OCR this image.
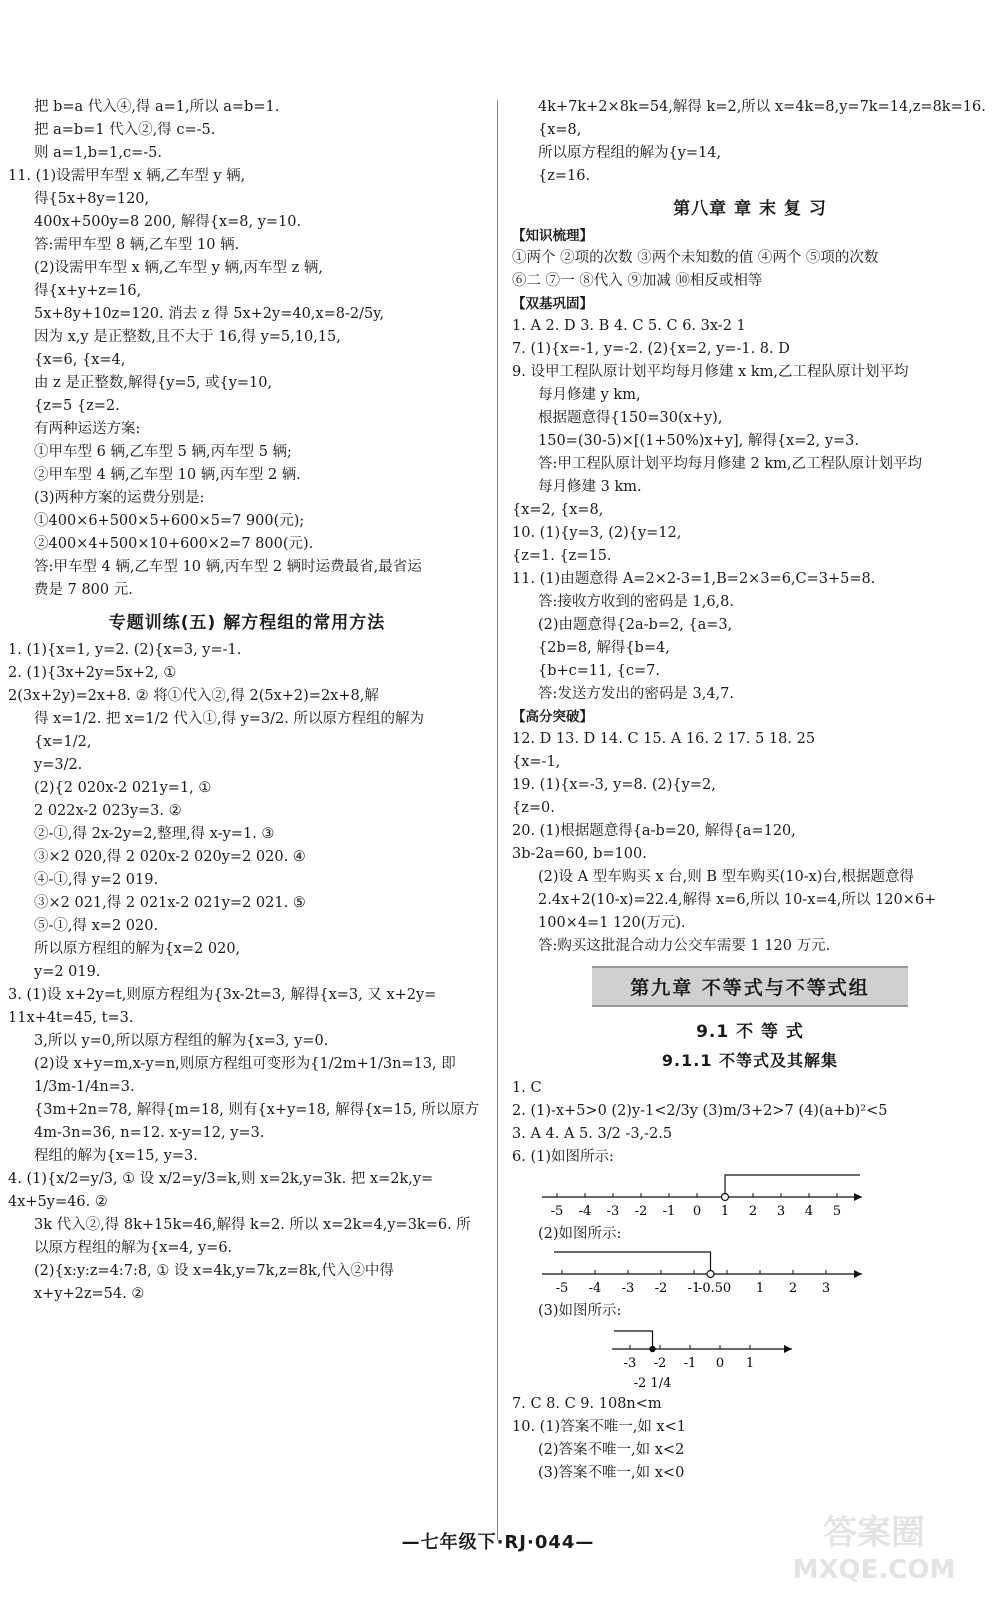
把 b=a 代入④,得 a=1,所以 a=b=1.
把 a=b=1 代入②,得 c=-5.
则 a=1,b=1,c=-5.
11. (1)设需甲车型 x 辆,乙车型 y 辆,
得{5x+8y=120,
400x+500y=8 200, 解得{x=8, y=10.
答:需甲车型 8 辆,乙车型 10 辆.
(2)设需甲车型 x 辆,乙车型 y 辆,丙车型 z 辆,
得{x+y+z=16,
5x+8y+10z=120. 消去 z 得 5x+2y=40,x=8-2/5y,
因为 x,y 是正整数,且不大于 16,得 y=5,10,15,
{x=6, {x=4,
由 z 是正整数,解得{y=5, 或{y=10,
{z=5 {z=2.
有两种运送方案:
①甲车型 6 辆,乙车型 5 辆,丙车型 5 辆;
②甲车型 4 辆,乙车型 10 辆,丙车型 2 辆.
(3)两种方案的运费分别是:
①400×6+500×5+600×5=7 900(元);
②400×4+500×10+600×2=7 800(元).
答:甲车型 4 辆,乙车型 10 辆,丙车型 2 辆时运费最省,最省运
费是 7 800 元.
专题训练(五) 解方程组的常用方法
1. (1){x=1, y=2. (2){x=3, y=-1.
2. (1){3x+2y=5x+2, ①
2(3x+2y)=2x+8. ② 将①代入②,得 2(5x+2)=2x+8,解
得 x=1/2. 把 x=1/2 代入①,得 y=3/2. 所以原方程组的解为
{x=1/2,
y=3/2.
(2){2 020x-2 021y=1, ①
2 022x-2 023y=3. ②
②-①,得 2x-2y=2,整理,得 x-y=1. ③
③×2 020,得 2 020x-2 020y=2 020. ④
④-①,得 y=2 019.
③×2 021,得 2 021x-2 021y=2 021. ⑤
⑤-①,得 x=2 020.
所以原方程组的解为{x=2 020,
y=2 019.
3. (1)设 x+2y=t,则原方程组为{3x-2t=3, 解得{x=3, 又 x+2y=
11x+4t=45, t=3.
3,所以 y=0,所以原方程组的解为{x=3, y=0.
(2)设 x+y=m,x-y=n,则原方程组可变形为{1/2m+1/3n=13, 即
1/3m-1/4n=3.
{3m+2n=78, 解得{m=18, 则有{x+y=18, 解得{x=15, 所以原方
4m-3n=36, n=12. x-y=12, y=3.
程组的解为{x=15, y=3.
4. (1){x/2=y/3, ① 设 x/2=y/3=k,则 x=2k,y=3k. 把 x=2k,y=
4x+5y=46. ②
3k 代入②,得 8k+15k=46,解得 k=2. 所以 x=2k=4,y=3k=6. 所
以原方程组的解为{x=4, y=6.
(2){x:y:z=4:7:8, ① 设 x=4k,y=7k,z=8k,代入②中得
x+y+2z=54. ②
4k+7k+2×8k=54,解得 k=2,所以 x=4k=8,y=7k=14,z=8k=16.
{x=8,
所以原方程组的解为{y=14,
{z=16.
第八章 章 末 复 习
【知识梳理】
①两个 ②项的次数 ③两个未知数的值 ④两个 ⑤项的次数
⑥二 ⑦一 ⑧代入 ⑨加减 ⑩相反或相等
【双基巩固】
1. A 2. D 3. B 4. C 5. C 6. 3x-2 1
7. (1){x=-1, y=-2. (2){x=2, y=-1. 8. D
9. 设甲工程队原计划平均每月修建 x km,乙工程队原计划平均
每月修建 y km,
根据题意得{150=30(x+y),
150=(30-5)×[(1+50%)x+y], 解得{x=2, y=3.
答:甲工程队原计划平均每月修建 2 km,乙工程队原计划平均
每月修建 3 km.
{x=2, {x=8,
10. (1){y=3, (2){y=12,
{z=1. {z=15.
11. (1)由题意得 A=2×2-3=1,B=2×3=6,C=3+5=8.
答:接收方收到的密码是 1,6,8.
(2)由题意得{2a-b=2, {a=3,
{2b=8, 解得{b=4,
{b+c=11, {c=7.
答:发送方发出的密码是 3,4,7.
【高分突破】
12. D 13. D 14. C 15. A 16. 2 17. 5 18. 25
{x=-1,
19. (1){x=-3, y=8. (2){y=2,
{z=0.
20. (1)根据题意得{a-b=20, 解得{a=120,
3b-2a=60, b=100.
(2)设 A 型车购买 x 台,则 B 型车购买(10-x)台,根据题意得
2.4x+2(10-x)=22.4,解得 x=6,所以 10-x=4,所以 120×6+
100×4=1 120(万元).
答:购买这批混合动力公交车需要 1 120 万元.
第九章 不等式与不等式组
9.1 不 等 式
9.1.1 不等式及其解集
1. C
2. (1)-x+5>0 (2)y-1<2/3y (3)m/3+2>7 (4)(a+b)²<5
3. A 4. A 5. 3/2 -3,-2.5
6. (1)如图所示:
-5 -4 -3 -2 -1 0 1 2 3 4 5
(2)如图所示:
-5 -4 -3 -2 -1
-0.5 0 1 2 3
(3)如图所示:
-3 -2 -1 0 1
-2 1/4
7. C 8. C 9. 108n<m
10. (1)答案不唯一,如 x<1
(2)答案不唯一,如 x<2
(3)答案不唯一,如 x<0
—七年级下·RJ·044—	答案圈
MXQE.COM
